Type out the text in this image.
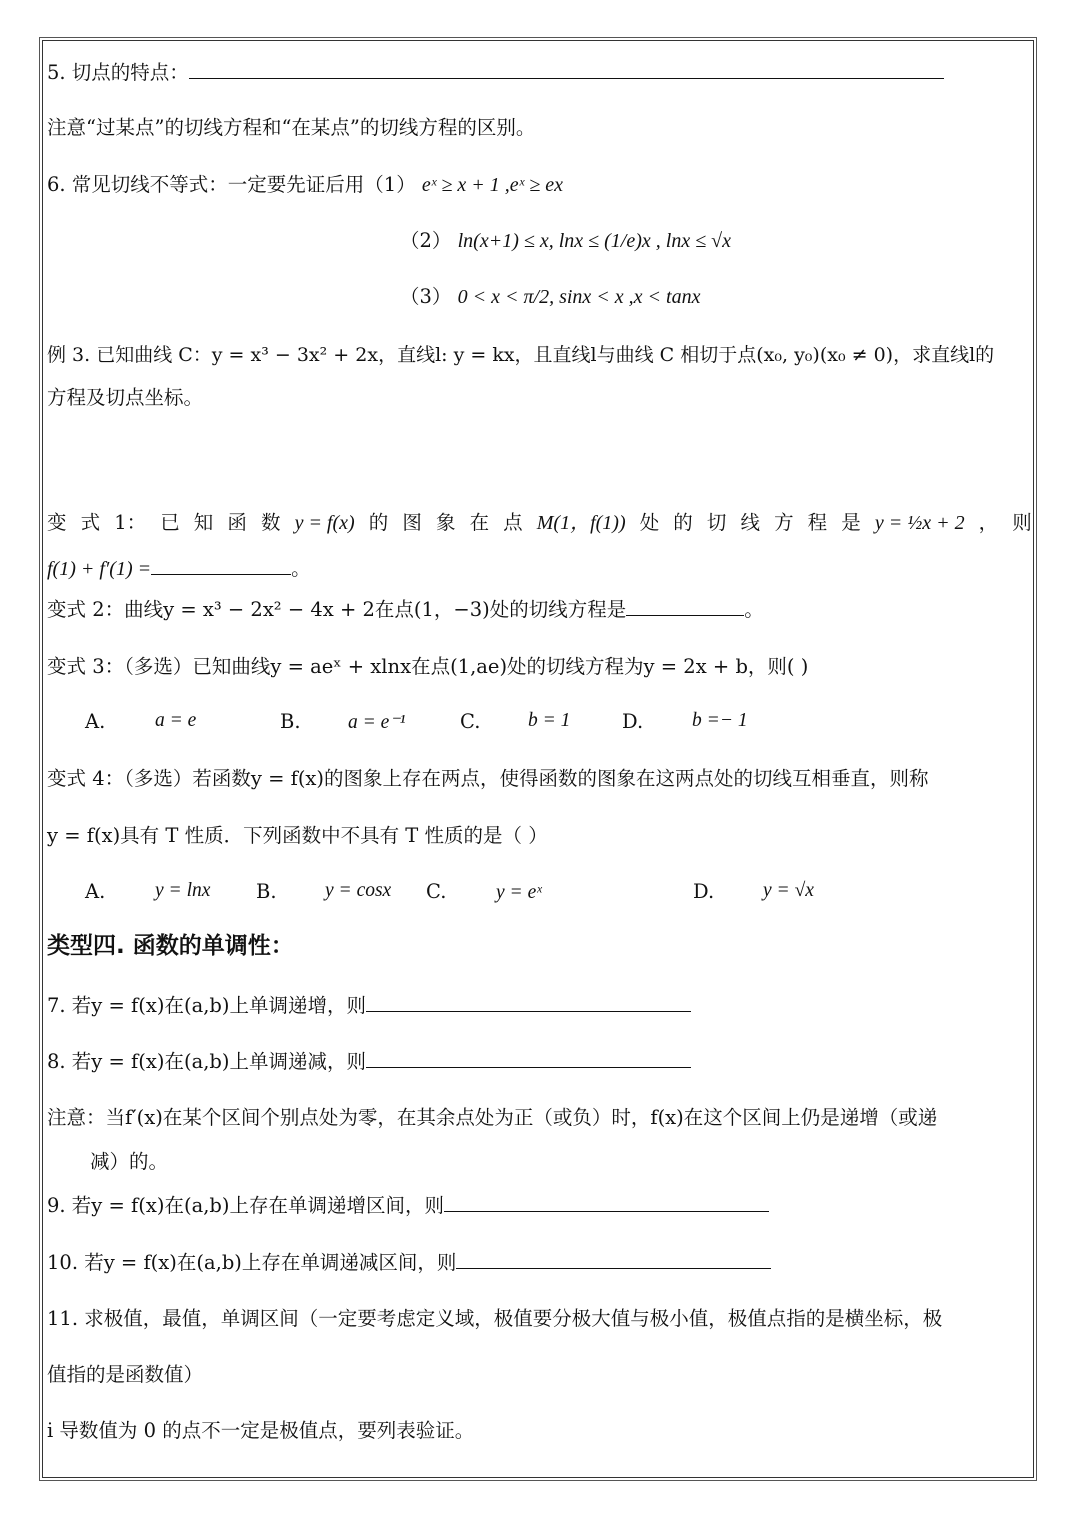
5. 切点的特点：
注意“过某点”的切线方程和“在某点”的切线方程的区别。
6. 常见切线不等式：一定要先证后用（1） eˣ ≥ x + 1 ,eˣ ≥ ex
（2） ln(x+1) ≤ x, lnx ≤ (1/e)x , lnx ≤ √x
（3） 0 < x < π/2, sinx < x ,x < tanx
例 3. 已知曲线 C：y = x³ − 3x² + 2x，直线l: y = kx，且直线l与曲线 C 相切于点(x₀, y₀)(x₀ ≠ 0)，求直线l的
方程及切点坐标。
变 式 1： 已 知 函 数 y = f(x) 的 图 象 在 点 M(1，f(1)) 处 的 切 线 方 程 是 y = ½x + 2 ， 则
f(1) + f′(1) =	。
变式 2：曲线y = x³ − 2x² − 4x + 2在点(1，−3)处的切线方程是	。
变式 3：（多选）已知曲线y = aeˣ + xlnx在点(1,ae)处的切线方程为y = 2x + b，则( )
A.	a = e	B. a = e⁻¹	C. b = 1	D.	b =− 1
变式 4：（多选）若函数y = f(x)的图象上存在两点，使得函数的图象在这两点处的切线互相垂直，则称
y = f(x)具有 T 性质．下列函数中不具有 T 性质的是（ ）
A.	y = lnx B. y = cosx C.	y = eˣ	D.	y = √x
类型四. 函数的单调性：
7. 若y = f(x)在(a,b)上单调递增，则
8. 若y = f(x)在(a,b)上单调递减，则
注意：当f′(x)在某个区间个别点处为零，在其余点处为正（或负）时，f(x)在这个区间上仍是递增（或递
减）的。
9. 若y = f(x)在(a,b)上存在单调递增区间，则
10. 若y = f(x)在(a,b)上存在单调递减区间，则
11. 求极值，最值，单调区间（一定要考虑定义域，极值要分极大值与极小值，极值点指的是横坐标，极
值指的是函数值）
i 导数值为 0 的点不一定是极值点，要列表验证。
